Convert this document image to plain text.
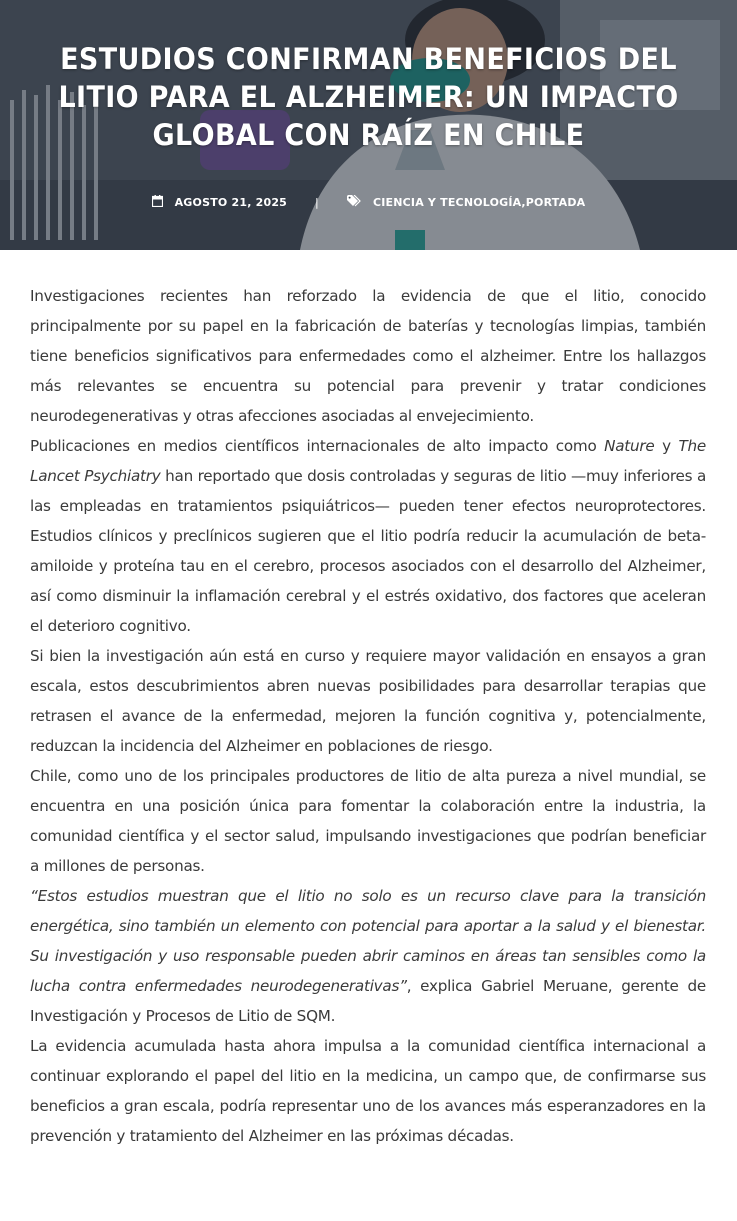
ESTUDIOS CONFIRMAN BENEFICIOS DEL LITIO PARA EL ALZHEIMER: UN IMPACTO GLOBAL CON RAÍZ EN CHILE
AGOSTO 21, 2025	|	CIENCIA Y TECNOLOGÍA , PORTADA

Investigaciones recientes han reforzado la evidencia de que el litio, conocido principalmente por su papel en la fabricación de baterías y tecnologías limpias, también tiene beneficios significativos para enfermedades como el alzheimer. Entre los hallazgos más relevantes se encuentra su potencial para prevenir y tratar condiciones neurodegenerativas y otras afecciones asociadas al envejecimiento.

Publicaciones en medios científicos internacionales de alto impacto como Nature y The Lancet Psychiatry han reportado que dosis controladas y seguras de litio —muy inferiores a las empleadas en tratamientos psiquiátricos— pueden tener efectos neuroprotectores. Estudios clínicos y preclínicos sugieren que el litio podría reducir la acumulación de beta-amiloide y proteína tau en el cerebro, procesos asociados con el desarrollo del Alzheimer, así como disminuir la inflamación cerebral y el estrés oxidativo, dos factores que aceleran el deterioro cognitivo.

Si bien la investigación aún está en curso y requiere mayor validación en ensayos a gran escala, estos descubrimientos abren nuevas posibilidades para desarrollar terapias que retrasen el avance de la enfermedad, mejoren la función cognitiva y, potencialmente, reduzcan la incidencia del Alzheimer en poblaciones de riesgo.

Chile, como uno de los principales productores de litio de alta pureza a nivel mundial, se encuentra en una posición única para fomentar la colaboración entre la industria, la comunidad científica y el sector salud, impulsando investigaciones que podrían beneficiar a millones de personas.

“Estos estudios muestran que el litio no solo es un recurso clave para la transición energética, sino también un elemento con potencial para aportar a la salud y el bienestar. Su investigación y uso responsable pueden abrir caminos en áreas tan sensibles como la lucha contra enfermedades neurodegenerativas”, explica Gabriel Meruane, gerente de Investigación y Procesos de Litio de SQM.

La evidencia acumulada hasta ahora impulsa a la comunidad científica internacional a continuar explorando el papel del litio en la medicina, un campo que, de confirmarse sus beneficios a gran escala, podría representar uno de los avances más esperanzadores en la prevención y tratamiento del Alzheimer en las próximas décadas.
